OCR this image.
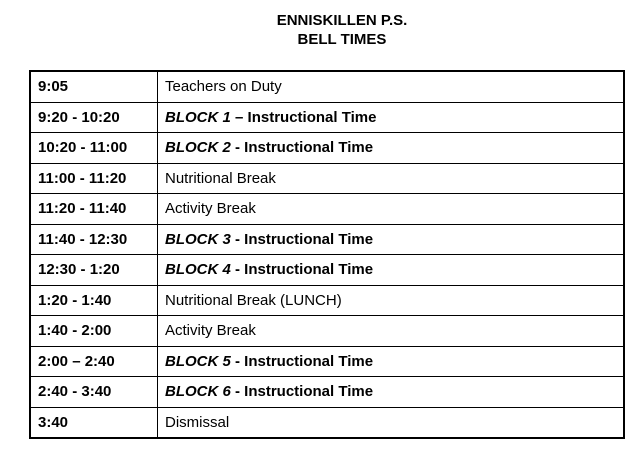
ENNISKILLEN P.S.
BELL TIMES
9:05	Teachers on Duty
9:20 - 10:20	BLOCK 1 – Instructional Time
10:20 - 11:00	BLOCK 2 - Instructional Time
11:00 - 11:20	Nutritional Break
11:20 - 11:40	Activity Break
11:40 - 12:30	BLOCK 3 - Instructional Time
12:30 - 1:20	BLOCK 4 - Instructional Time
1:20 - 1:40	Nutritional Break (LUNCH)
1:40 - 2:00	Activity Break
2:00 – 2:40	BLOCK 5 - Instructional Time
2:40 - 3:40	BLOCK 6 - Instructional Time
3:40	Dismissal
